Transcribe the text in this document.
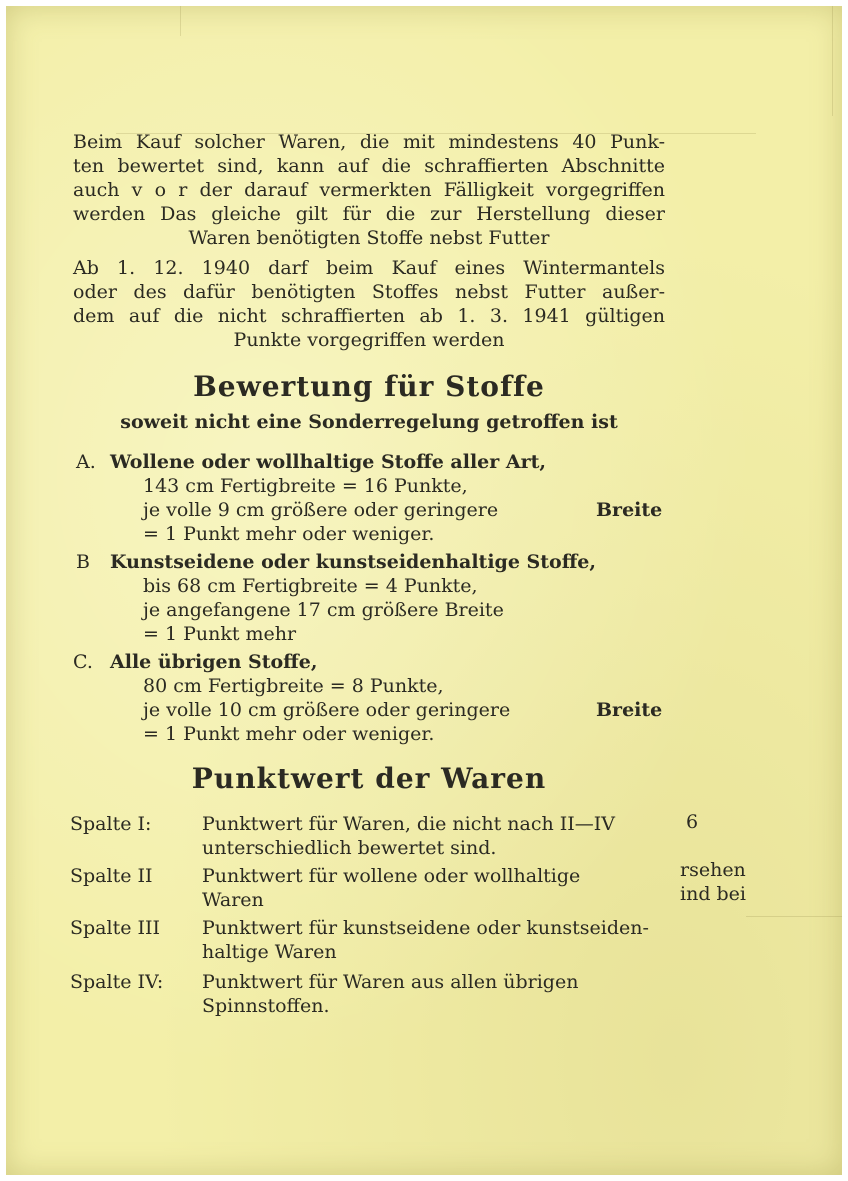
Beim Kauf solcher Waren, die mit mindestens 40 Punk-
ten bewertet sind, kann auf die schraffierten Abschnitte
auch v o r der darauf vermerkten Fälligkeit vorgegriffen
werden Das gleiche gilt für die zur Herstellung dieser
Waren benötigten Stoffe nebst Futter
Ab 1. 12. 1940 darf beim Kauf eines Wintermantels
oder des dafür benötigten Stoffes nebst Futter außer-
dem auf die nicht schraffierten ab 1. 3. 1941 gültigen
Punkte vorgegriffen werden
Bewertung für Stoffe
soweit nicht eine Sonderregelung getroffen ist
A. Wollene oder wollhaltige Stoffe aller Art,
143 cm Fertigbreite = 16 Punkte,
je volle 9 cm größere oder geringere	Breite
= 1 Punkt mehr oder weniger.
B Kunstseidene oder kunstseidenhaltige Stoffe,
bis 68 cm Fertigbreite = 4 Punkte,
je angefangene 17 cm größere Breite
= 1 Punkt mehr
C. Alle übrigen Stoffe,
80 cm Fertigbreite = 8 Punkte,
je volle 10 cm größere oder geringere	Breite
= 1 Punkt mehr oder weniger.
Punktwert der Waren
Spalte I:	Punktwert für Waren, die nicht nach II—IV
unterschiedlich bewertet sind.
Spalte II	Punktwert für wollene oder wollhaltige
Waren
Spalte III Punktwert für kunstseidene oder kunstseiden-
haltige Waren
Spalte IV: Punktwert für Waren aus allen übrigen
Spinnstoffen.
6
rsehen
ind bei
